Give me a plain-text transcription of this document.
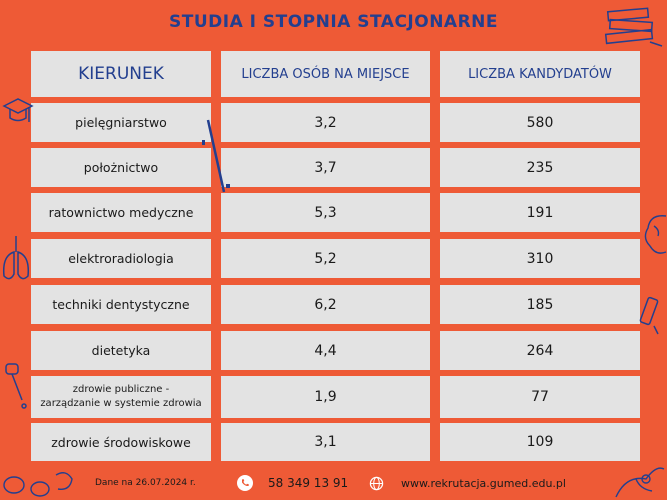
STUDIA I STOPNIA STACJONARNE
KIERUNEK	LICZBA OSÓB NA MIEJSCE	LICZBA KANDYDATÓW
pielęgniarstwo	3,2	580
położnictwo	3,7	235
ratownictwo medyczne	5,3	191
elektroradiologia	5,2	310
techniki dentystyczne	6,2	185
dietetyka	4,4	264
zdrowie publiczne -
zarządzanie w systemie zdrowia	1,9	77
zdrowie środowiskowe	3,1	109
Dane na 26.07.2024 r.	58 349 13 91	www.rekrutacja.gumed.edu.pl
